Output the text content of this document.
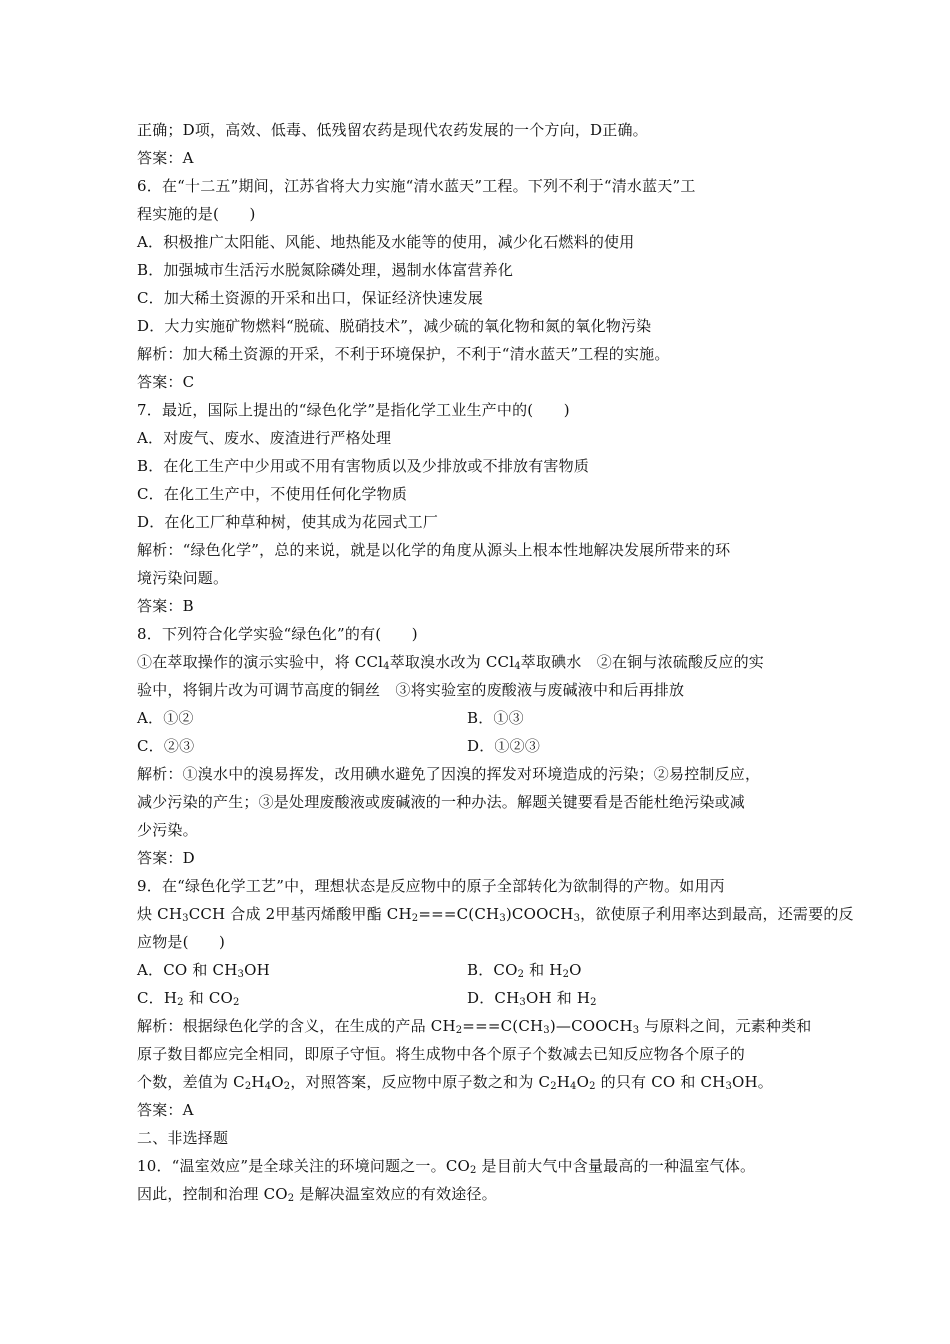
正确；D项，高效、低毒、低残留农药是现代农药发展的一个方向，D正确。
答案：A
6．在“十二五”期间，江苏省将大力实施“清水蓝天”工程。下列不利于“清水蓝天”工
程实施的是(　　)
A．积极推广太阳能、风能、地热能及水能等的使用，减少化石燃料的使用
B．加强城市生活污水脱氮除磷处理，遏制水体富营养化
C．加大稀土资源的开采和出口，保证经济快速发展
D．大力实施矿物燃料“脱硫、脱硝技术”，减少硫的氧化物和氮的氧化物污染
解析：加大稀土资源的开采，不利于环境保护，不利于“清水蓝天”工程的实施。
答案：C
7．最近，国际上提出的“绿色化学”是指化学工业生产中的(　　)
A．对废气、废水、废渣进行严格处理
B．在化工生产中少用或不用有害物质以及少排放或不排放有害物质
C．在化工生产中，不使用任何化学物质
D．在化工厂种草种树，使其成为花园式工厂
解析：“绿色化学”，总的来说，就是以化学的角度从源头上根本性地解决发展所带来的环
境污染问题。
答案：B
8．下列符合化学实验“绿色化”的有(　　)
①在萃取操作的演示实验中，将 CCl$_4$萃取溴水改为 CCl$_4$萃取碘水　②在铜与浓硫酸反应的实
验中，将铜片改为可调节高度的铜丝　③将实验室的废酸液与废碱液中和后再排放
A．①②	B．①③
C．②③	D．①②③
解析：①溴水中的溴易挥发，改用碘水避免了因溴的挥发对环境造成的污染；②易控制反应，
减少污染的产生；③是处理废酸液或废碱液的一种办法。解题关键要看是否能杜绝污染或减
少污染。
答案：D
9．在“绿色化学工艺”中，理想状态是反应物中的原子全部转化为欲制得的产物。如用丙
炔 $CH_3CCH$ 合成 2甲基丙烯酸甲酯 $CH_2===C(CH_3)COOCH_3$，欲使原子利用率达到最高，还需要的反
应物是(　　)
A．CO 和 $CH_3OH$	B．$CO_2$ 和 $H_2O$
C．$H_2$ 和 $CO_2$	D．$CH_3OH$ 和 $H_2$
解析：根据绿色化学的含义，在生成的产品 $CH_2===C(CH_3)—COOCH_3$ 与原料之间，元素种类和
原子数目都应完全相同，即原子守恒。将生成物中各个原子个数减去已知反应物各个原子的
个数，差值为 $C_2H_4O_2$，对照答案，反应物中原子数之和为 $C_2H_4O_2$ 的只有 CO 和 $CH_3OH$。
答案：A
二、非选择题
10．“温室效应”是全球关注的环境问题之一。$CO_2$ 是目前大气中含量最高的一种温室气体。
因此，控制和治理 $CO_2$ 是解决温室效应的有效途径。
